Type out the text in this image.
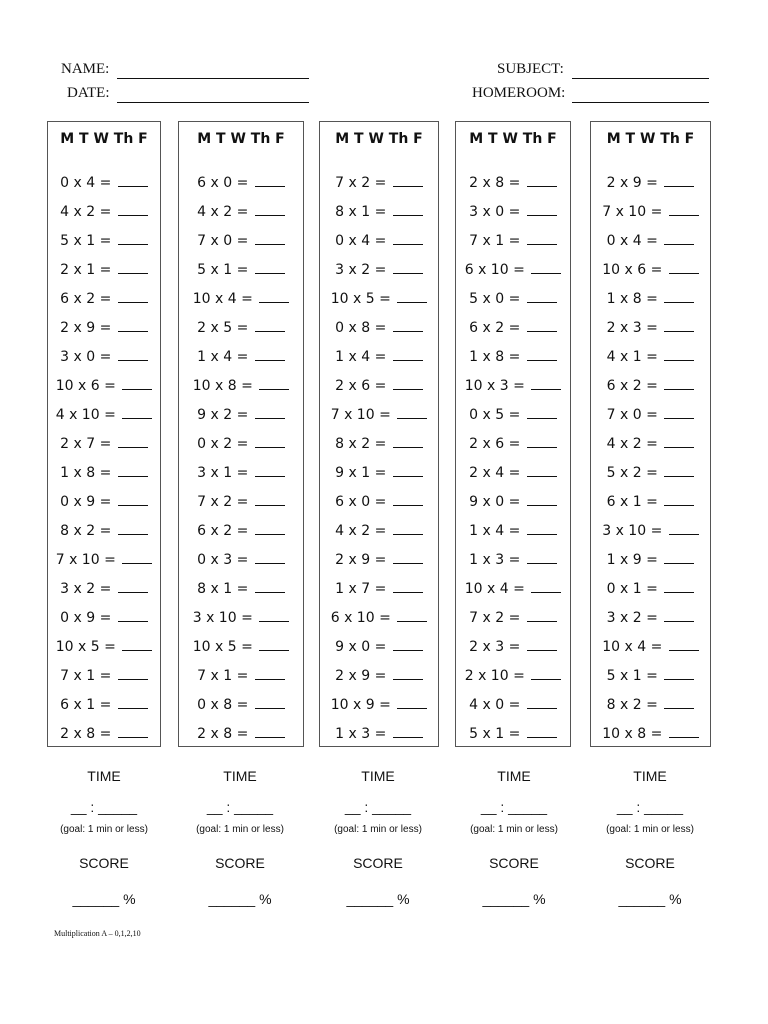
NAME:
DATE:
SUBJECT:
HOMEROOM:
M T W Th F
0 x 4 =
4 x 2 =
5 x 1 =
2 x 1 =
6 x 2 =
2 x 9 =
3 x 0 =
10 x 6 =
4 x 10 =
2 x 7 =
1 x 8 =
0 x 9 =
8 x 2 =
7 x 10 =
3 x 2 =
0 x 9 =
10 x 5 =
7 x 1 =
6 x 1 =
2 x 8 =
M T W Th F
6 x 0 =
4 x 2 =
7 x 0 =
5 x 1 =
10 x 4 =
2 x 5 =
1 x 4 =
10 x 8 =
9 x 2 =
0 x 2 =
3 x 1 =
7 x 2 =
6 x 2 =
0 x 3 =
8 x 1 =
3 x 10 =
10 x 5 =
7 x 1 =
0 x 8 =
2 x 8 =
M T W Th F
7 x 2 =
8 x 1 =
0 x 4 =
3 x 2 =
10 x 5 =
0 x 8 =
1 x 4 =
2 x 6 =
7 x 10 =
8 x 2 =
9 x 1 =
6 x 0 =
4 x 2 =
2 x 9 =
1 x 7 =
6 x 10 =
9 x 0 =
2 x 9 =
10 x 9 =
1 x 3 =
M T W Th F
2 x 8 =
3 x 0 =
7 x 1 =
6 x 10 =
5 x 0 =
6 x 2 =
1 x 8 =
10 x 3 =
0 x 5 =
2 x 6 =
2 x 4 =
9 x 0 =
1 x 4 =
1 x 3 =
10 x 4 =
7 x 2 =
2 x 3 =
2 x 10 =
4 x 0 =
5 x 1 =
M T W Th F
2 x 9 =
7 x 10 =
0 x 4 =
10 x 6 =
1 x 8 =
2 x 3 =
4 x 1 =
6 x 2 =
7 x 0 =
4 x 2 =
5 x 2 =
6 x 1 =
3 x 10 =
1 x 9 =
0 x 1 =
3 x 2 =
10 x 4 =
5 x 1 =
8 x 2 =
10 x 8 =
TIME
__ : _____
(goal: 1 min or less)
SCORE
______ %
TIME
__ : _____
(goal: 1 min or less)
SCORE
______ %
TIME
__ : _____
(goal: 1 min or less)
SCORE
______ %
TIME
__ : _____
(goal: 1 min or less)
SCORE
______ %
TIME
__ : _____
(goal: 1 min or less)
SCORE
______ %
Multiplication A – 0,1,2,10
